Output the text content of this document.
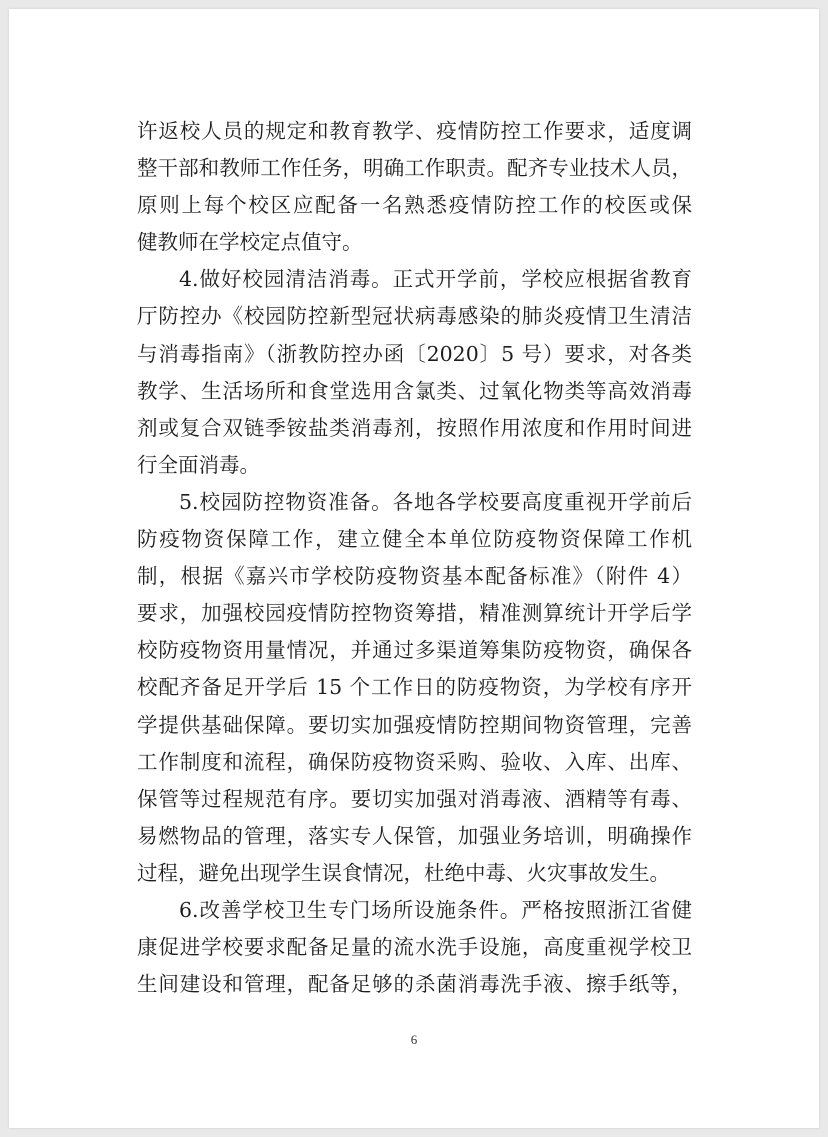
许返校人员的规定和教育教学、疫情防控工作要求，适度调
整干部和教师工作任务，明确工作职责。配齐专业技术人员，
原则上每个校区应配备一名熟悉疫情防控工作的校医或保
健教师在学校定点值守。
4.做好校园清洁消毒。正式开学前，学校应根据省教育
厅防控办《校园防控新型冠状病毒感染的肺炎疫情卫生清洁
与消毒指南》（浙教防控办函〔2020〕5 号）要求，对各类
教学、生活场所和食堂选用含氯类、过氧化物类等高效消毒
剂或复合双链季铵盐类消毒剂，按照作用浓度和作用时间进
行全面消毒。
5.校园防控物资准备。各地各学校要高度重视开学前后
防疫物资保障工作，建立健全本单位防疫物资保障工作机
制，根据《嘉兴市学校防疫物资基本配备标准》（附件 4）
要求，加强校园疫情防控物资筹措，精准测算统计开学后学
校防疫物资用量情况，并通过多渠道筹集防疫物资，确保各
校配齐备足开学后 15 个工作日的防疫物资，为学校有序开
学提供基础保障。要切实加强疫情防控期间物资管理，完善
工作制度和流程，确保防疫物资采购、验收、入库、出库、
保管等过程规范有序。要切实加强对消毒液、酒精等有毒、
易燃物品的管理，落实专人保管，加强业务培训，明确操作
过程，避免出现学生误食情况，杜绝中毒、火灾事故发生。
6.改善学校卫生专门场所设施条件。严格按照浙江省健
康促进学校要求配备足量的流水洗手设施，高度重视学校卫
生间建设和管理，配备足够的杀菌消毒洗手液、擦手纸等，
6
